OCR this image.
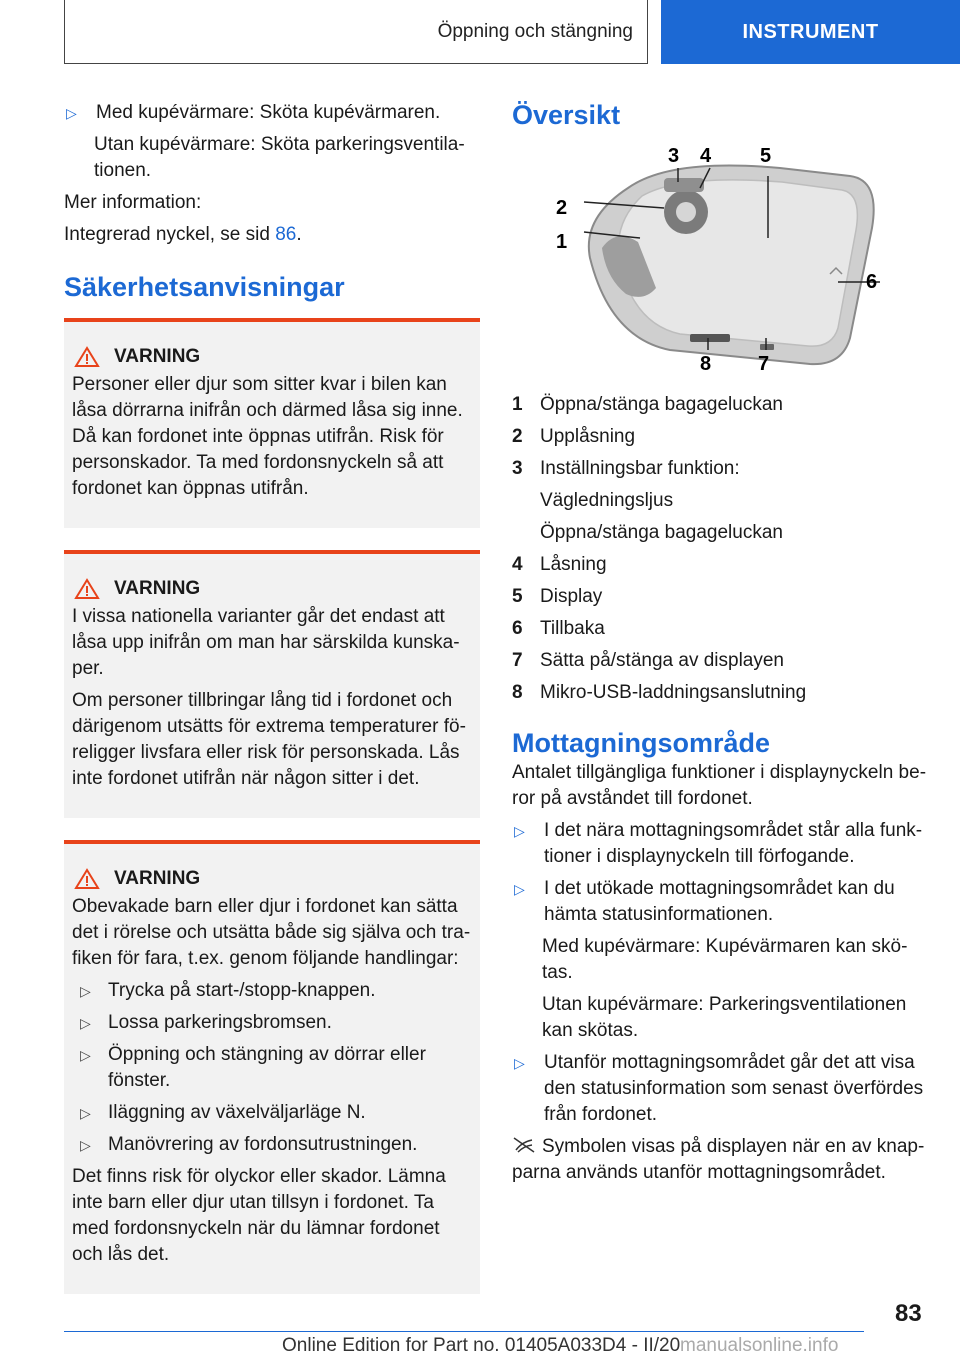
Öppning och stängning	INSTRUMENT
▷	Med kupévärmare: Sköta kupévärmaren.
Utan kupévärmare: Sköta parkeringsventilationen.

Mer information:

Integrerad nyckel, se sid 86.

Säkerhetsanvisningar
VARNING

Personer eller djur som sitter kvar i bilen kan låsa dörrarna inifrån och därmed låsa sig inne. Då kan fordonet inte öppnas utifrån. Risk för personskador. Ta med fordonsnyckeln så att fordonet kan öppnas utifrån.

VARNING

I vissa nationella varianter går det endast att låsa upp inifrån om man har särskilda kunskaper.

Om personer tillbringar lång tid i fordonet och därigenom utsätts för extrema temperaturer föreligger livsfara eller risk för personskada. Lås inte fordonet utifrån när någon sitter i det.

VARNING

Obevakade barn eller djur i fordonet kan sätta det i rörelse och utsätta både sig själva och trafiken för fara, t.ex. genom följande handlingar:

▷ Trycka på start-/stopp-knappen.
▷ Lossa parkeringsbromsen.
▷ Öppning och stängning av dörrar eller fönster.
▷ Iläggning av växelväljarläge N.
▷ Manövrering av fordonsutrustningen.

Det finns risk för olyckor eller skador. Lämna inte barn eller djur utan tillsyn i fordonet. Ta med fordonsnyckeln när du lämnar fordonet och lås det.

Översikt
1
2
3 4 5
6
7
8
1 Öppna/stänga bagageluckan
2 Upplåsning
3 Inställningsbar funktion:
Vägledningsljus
Öppna/stänga bagageluckan
4 Låsning
5 Display
6 Tillbaka
7 Sätta på/stänga av displayen
8 Mikro-USB-laddningsanslutning
Mottagningsområde

Antalet tillgängliga funktioner i displaynyckeln beror på avståndet till fordonet.

▷	I det nära mottagningsområdet står alla funktioner i displaynyckeln till förfogande.
▷	I det utökade mottagningsområdet kan du hämta statusinformationen.
Med kupévärmare: Kupévärmaren kan skötas.
Utan kupévärmare: Parkeringsventilationen kan skötas.
▷	Utanför mottagningsområdet går det att visa den statusinformation som senast överfördes från fordonet.

Symbolen visas på displayen när en av knapparna används utanför mottagningsområdet.

83
Online Edition for Part no. 01405A033D4 - II/20 manualsonline.info
